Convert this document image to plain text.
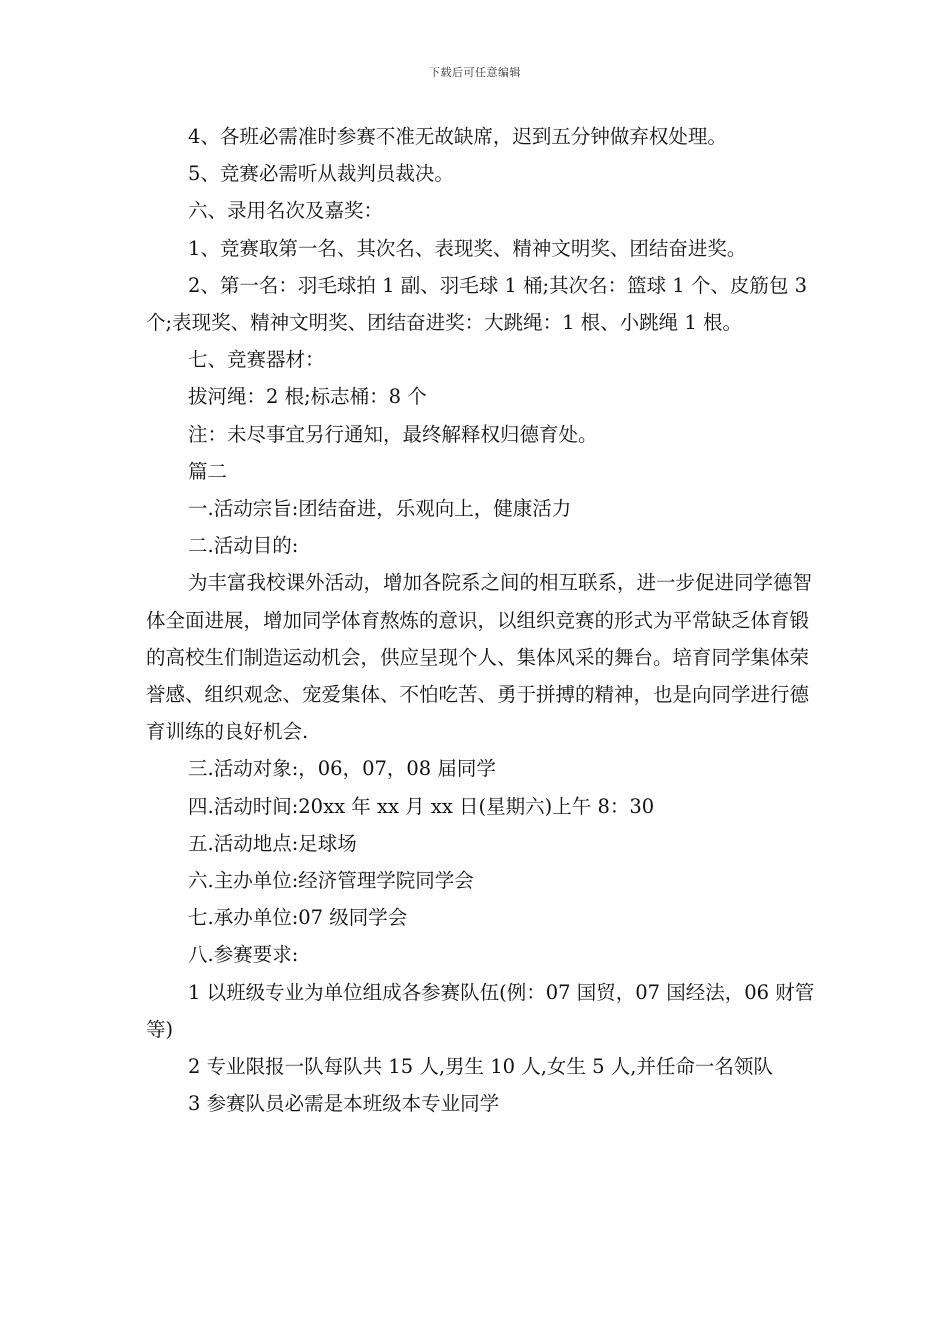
下载后可任意编辑

4、各班必需准时参赛不准无故缺席，迟到五分钟做弃权处理。

5、竞赛必需听从裁判员裁决。

六、录用名次及嘉奖：

1、竞赛取第一名、其次名、表现奖、精神文明奖、团结奋进奖。

2、第一名：羽毛球拍 1 副、羽毛球 1 桶;其次名：篮球 1 个、皮筋包 3 个;表现奖、精神文明奖、团结奋进奖：大跳绳：1 根、小跳绳 1 根。

七、竞赛器材：

拔河绳：2 根;标志桶：8 个

注：未尽事宜另行通知，最终解释权归德育处。

篇二

一.活动宗旨:团结奋进，乐观向上，健康活力

二.活动目的:

为丰富我校课外活动，增加各院系之间的相互联系，进一步促进同学德智体全面进展，增加同学体育熬炼的意识，以组织竞赛的形式为平常缺乏体育锻的高校生们制造运动机会，供应呈现个人、集体风采的舞台。培育同学集体荣誉感、组织观念、宠爱集体、不怕吃苦、勇于拼搏的精神，也是向同学进行德育训练的良好机会.

三.活动对象:，06，07，08 届同学

四.活动时间:20xx 年 xx 月 xx 日(星期六)上午 8：30

五.活动地点:足球场

六.主办单位:经济管理学院同学会

七.承办单位:07 级同学会

八.参赛要求:

1 以班级专业为单位组成各参赛队伍(例：07 国贸，07 国经法，06 财管等)

2 专业限报一队每队共 15 人,男生 10 人,女生 5 人,并任命一名领队

3 参赛队员必需是本班级本专业同学
